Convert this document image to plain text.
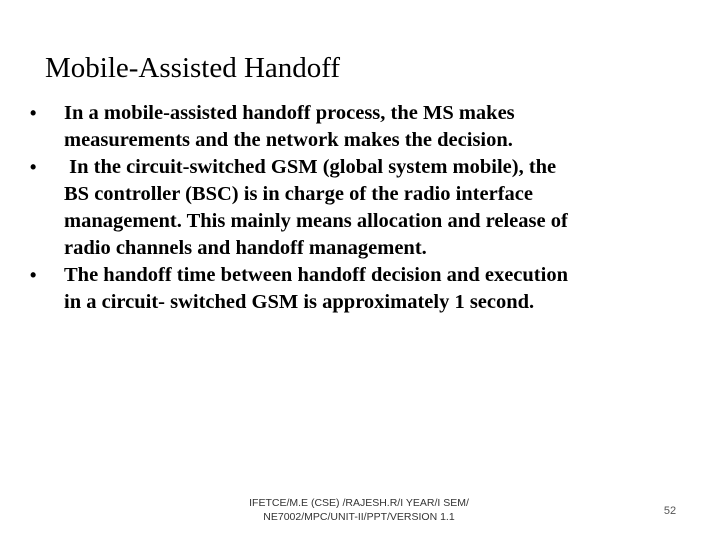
Mobile-Assisted Handoff
•	In a mobile-assisted handoff process, the MS makes
measurements and the network makes the decision.
•	In the circuit-switched GSM (global system mobile), the
BS controller (BSC) is in charge of the radio interface
management. This mainly means allocation and release of
radio channels and handoff management.
•	The handoff time between handoff decision and execution
in a circuit- switched GSM is approximately 1 second.
IFETCE/M.E (CSE) /RAJESH.R/I YEAR/I SEM/
NE7002/MPC/UNIT-II/PPT/VERSION 1.1	52
